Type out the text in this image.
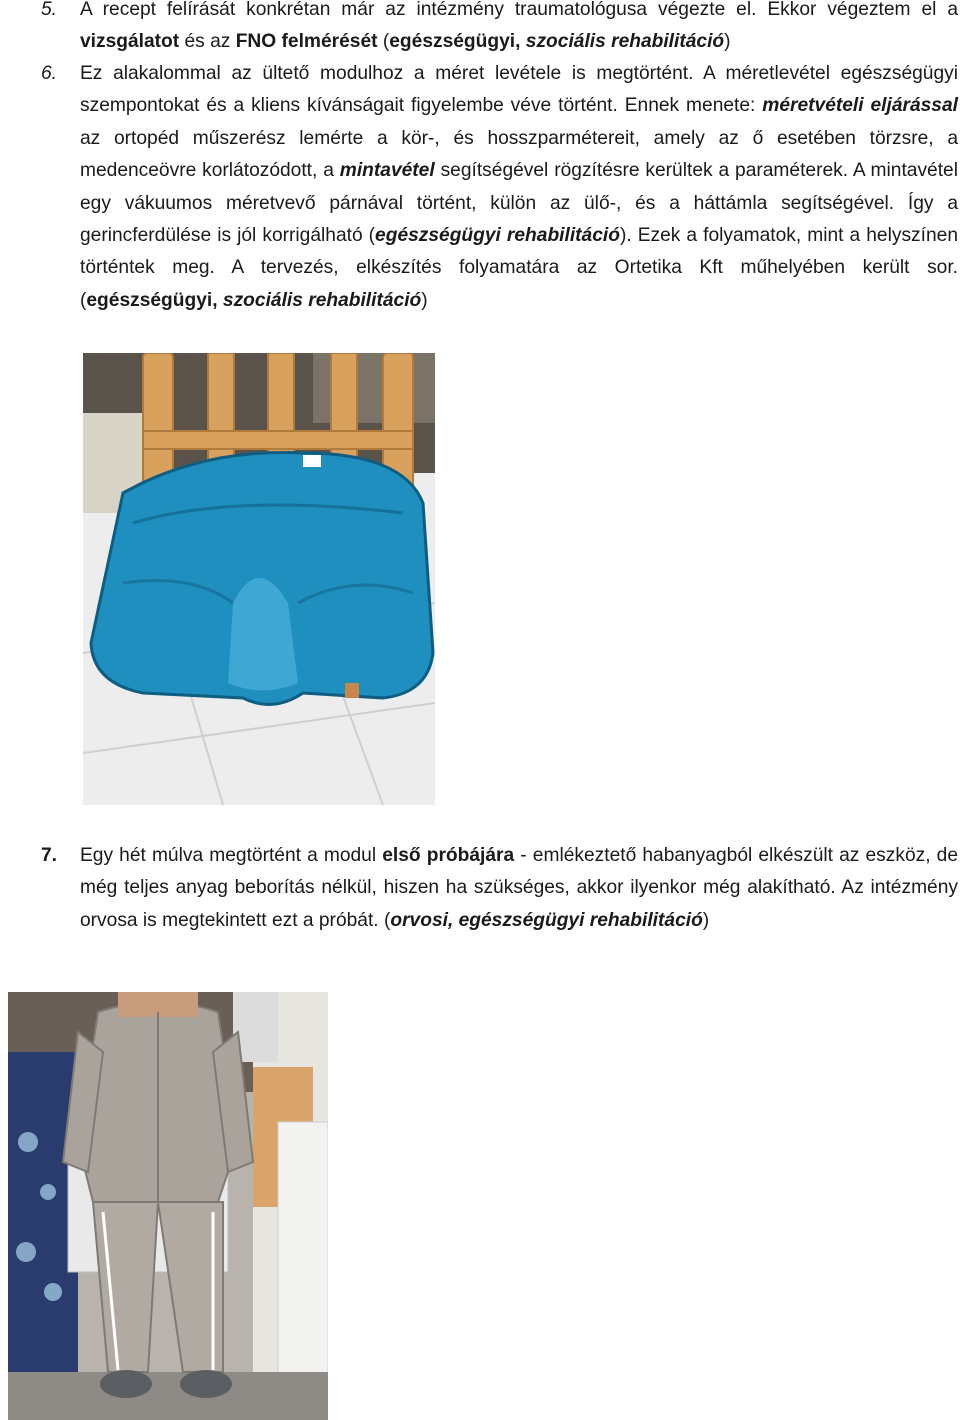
5. A recept felírását konkrétan már az intézmény traumatológusa végezte el. Ekkor végeztem el a vizsgálatot és az FNO felmérését (egészségügyi, szociális rehabilitáció)
6. Ez alakalommal az ültető modulhoz a méret levétele is megtörtént. A méretlevétel egészségügyi szempontokat és a kliens kívánságait figyelembe véve történt. Ennek menete: méretvételi eljárással az ortopéd műszerész lemérte a kör-, és hosszparmétereit, amely az ő esetében törzsre, a medenceövre korlátozódott, a mintavétel segítségével rögzítésre kerültek a paraméterek. A mintavétel egy vákuumos méretvevő párnával történt, külön az ülő-, és a háttámla segítségével. Így a gerincferdülése is jól korrigálható (egészségügyi rehabilitáció). Ezek a folyamatok, mint a helyszínen történtek meg. A tervezés, elkészítés folyamatára az Ortetika Kft műhelyében került sor. (egészségügyi, szociális rehabilitáció)
7. Egy hét múlva megtörtént a modul első próbájára - emlékeztető habanyagból elkészült az eszköz, de még teljes anyag beborítás nélkül, hiszen ha szükséges, akkor ilyenkor még alakítható. Az intézmény orvosa is megtekintett ezt a próbát. (orvosi, egészségügyi rehabilitáció)
